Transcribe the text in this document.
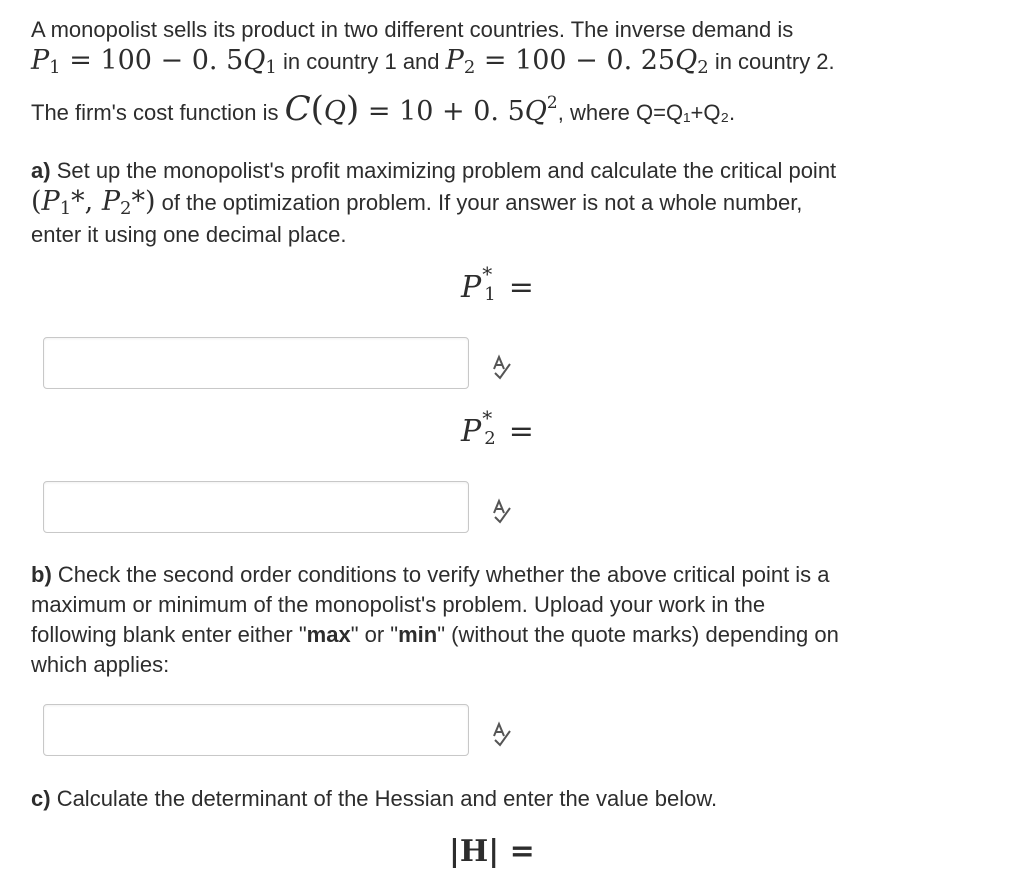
A monopolist sells its product in two different countries. The inverse demand is
$P_1 = 100 - 0$. $5Q_1$ in country 1 and $P_2 = 100 - 0$. $25Q_2$ in country 2.
The firm's cost function is C(Q) = 10 + 0. $5Q^2$, where Q=Q₁+Q₂.
a) Set up the monopolist's profit maximizing problem and calculate the critical point
($P_1*$, $P_2*$) of the optimization problem. If your answer is not a whole number,
enter it using one decimal place.
P *
1 =
P *
2 =
b) Check the second order conditions to verify whether the above critical point is a
maximum or minimum of the monopolist's problem. Upload your work in the
following blank enter either "max" or "min" (without the quote marks) depending on
which applies:
c) Calculate the determinant of the Hessian and enter the value below.
|H| =
